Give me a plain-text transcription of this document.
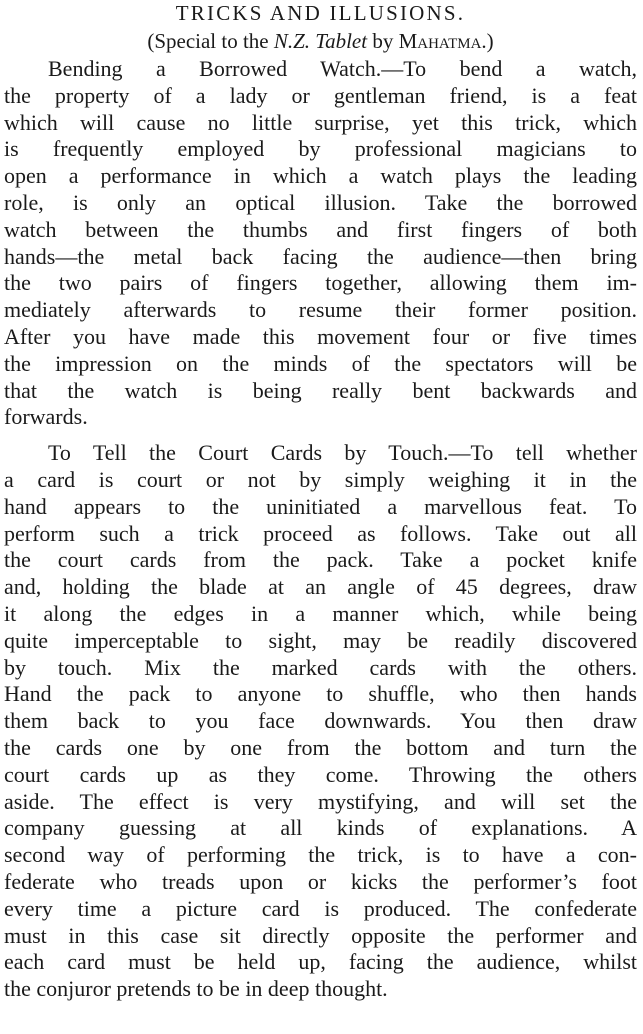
TRICKS AND ILLUSIONS.
(Special to the N.Z. Tablet by Mahatma.)
Bending a Borrowed Watch.—To bend a watch,
the property of a lady or gentleman friend, is a feat
which will cause no little surprise, yet this trick, which
is frequently employed by professional magicians to
open a performance in which a watch plays the leading
role, is only an optical illusion. Take the borrowed
watch between the thumbs and first fingers of both
hands—the metal back facing the audience—then bring
the two pairs of fingers together, allowing them im-
mediately afterwards to resume their former position.
After you have made this movement four or five times
the impression on the minds of the spectators will be
that the watch is being really bent backwards and
forwards.
To Tell the Court Cards by Touch.—To tell whether
a card is court or not by simply weighing it in the
hand appears to the uninitiated a marvellous feat. To
perform such a trick proceed as follows. Take out all
the court cards from the pack. Take a pocket knife
and, holding the blade at an angle of 45 degrees, draw
it along the edges in a manner which, while being
quite imperceptable to sight, may be readily discovered
by touch. Mix the marked cards with the others.
Hand the pack to anyone to shuffle, who then hands
them back to you face downwards. You then draw
the cards one by one from the bottom and turn the
court cards up as they come. Throwing the others
aside. The effect is very mystifying, and will set the
company guessing at all kinds of explanations. A
second way of performing the trick, is to have a con-
federate who treads upon or kicks the performer’s foot
every time a picture card is produced. The confederate
must in this case sit directly opposite the performer and
each card must be held up, facing the audience, whilst
the conjuror pretends to be in deep thought.
